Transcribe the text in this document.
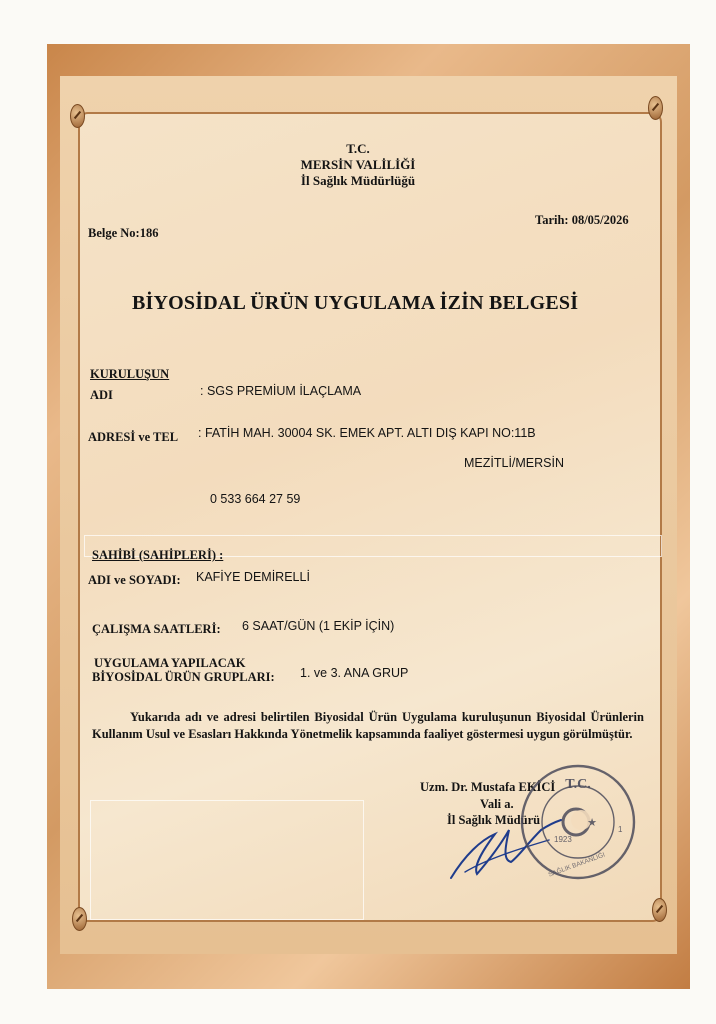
T.C.
MERSİN VALİLİĞİ
İl Sağlık Müdürlüğü
Belge No:186
Tarih: 08/05/2026
BİYOSİDAL ÜRÜN UYGULAMA İZİN BELGESİ
KURULUŞUN
ADI	: SGS PREMİUM İLAÇLAMA
ADRESİ ve TEL : FATİH MAH. 30004 SK. EMEK APT. ALTI DIŞ KAPI NO:11B
MEZİTLİ/MERSİN
0 533 664 27 59
SAHİBİ (SAHİPLERİ) :
ADI ve SOYADI: KAFİYE DEMİRELLİ
ÇALIŞMA SAATLERİ: 6 SAAT/GÜN (1 EKİP İÇİN)
UYGULAMA YAPILACAK
BİYOSİDAL ÜRÜN GRUPLARI: 1. ve 3. ANA GRUP
Yukarıda adı ve adresi belirtilen Biyosidal Ürün Uygulama kuruluşunun Biyosidal Ürünlerin Kullanım Usul ve Esasları Hakkında Yönetmelik kapsamında faaliyet göstermesi uygun görülmüştür.
Uzm. Dr. Mustafa EKİCİ
Vali a.
İl Sağlık Müdürü
T.C.
★
1923
1
SAĞLIK BAKANLIĞI
